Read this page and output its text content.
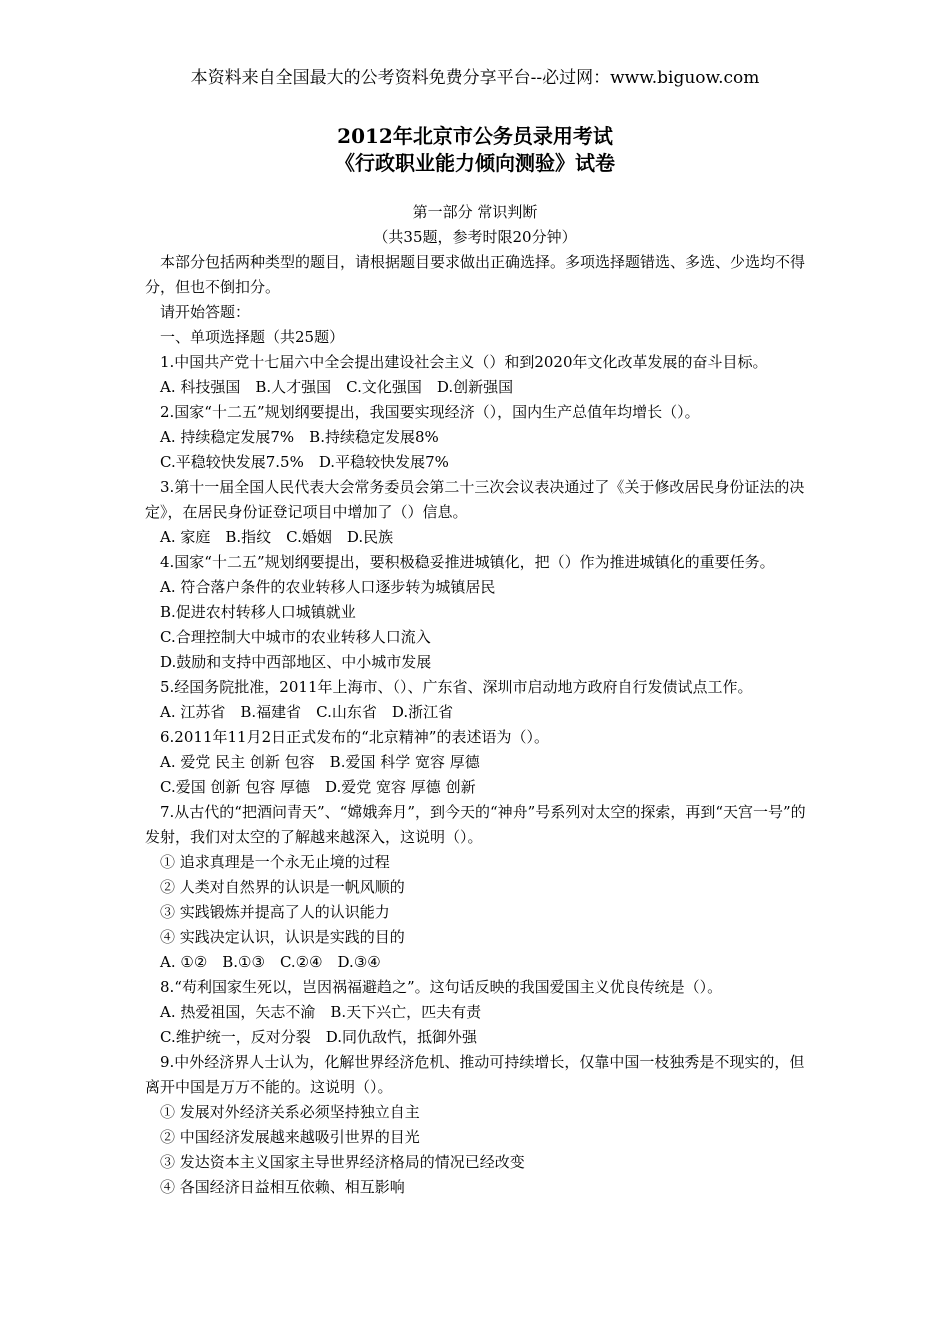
本资料来自全国最大的公考资料免费分享平台--必过网：www.biguow.com
2012年北京市公务员录用考试
《行政职业能力倾向测验》试卷
第一部分 常识判断
（共35题，参考时限20分钟）

本部分包括两种类型的题目，请根据题目要求做出正确选择。多项选择题错选、多选、少选均不得分，但也不倒扣分。

请开始答题：

一、单项选择题（共25题）

1.中国共产党十七届六中全会提出建设社会主义（）和到2020年文化改革发展的奋斗目标。

A. 科技强国　B.人才强国　C.文化强国　D.创新强国

2.国家“十二五”规划纲要提出，我国要实现经济（），国内生产总值年均增长（）。

A. 持续稳定发展7%　B.持续稳定发展8%

C.平稳较快发展7.5%　D.平稳较快发展7%

3.第十一届全国人民代表大会常务委员会第二十三次会议表决通过了《关于修改居民身份证法的决定》，在居民身份证登记项目中增加了（）信息。

A. 家庭　B.指纹　C.婚姻　D.民族

4.国家“十二五”规划纲要提出，要积极稳妥推进城镇化，把（）作为推进城镇化的重要任务。

A. 符合落户条件的农业转移人口逐步转为城镇居民

B.促进农村转移人口城镇就业

C.合理控制大中城市的农业转移人口流入

D.鼓励和支持中西部地区、中小城市发展

5.经国务院批准，2011年上海市、（）、广东省、深圳市启动地方政府自行发债试点工作。

A. 江苏省　B.福建省　C.山东省　D.浙江省

6.2011年11月2日正式发布的“北京精神”的表述语为（）。

A. 爱党 民主 创新 包容　B.爱国 科学 宽容 厚德

C.爱国 创新 包容 厚德　D.爱党 宽容 厚德 创新

7.从古代的“把酒问青天”、“嫦娥奔月”，到今天的“神舟”号系列对太空的探索，再到“天宫一号”的发射，我们对太空的了解越来越深入，这说明（）。

① 追求真理是一个永无止境的过程

② 人类对自然界的认识是一帆风顺的

③ 实践锻炼并提高了人的认识能力

④ 实践决定认识，认识是实践的目的

A. ①②　B.①③　C.②④　D.③④

8.“苟利国家生死以，岂因祸福避趋之”。这句话反映的我国爱国主义优良传统是（）。

A. 热爱祖国，矢志不渝　B.天下兴亡，匹夫有责

C.维护统一，反对分裂　D.同仇敌忾，抵御外强

9.中外经济界人士认为，化解世界经济危机、推动可持续增长，仅靠中国一枝独秀是不现实的，但离开中国是万万不能的。这说明（）。

① 发展对外经济关系必须坚持独立自主

② 中国经济发展越来越吸引世界的目光

③ 发达资本主义国家主导世界经济格局的情况已经改变

④ 各国经济日益相互依赖、相互影响
